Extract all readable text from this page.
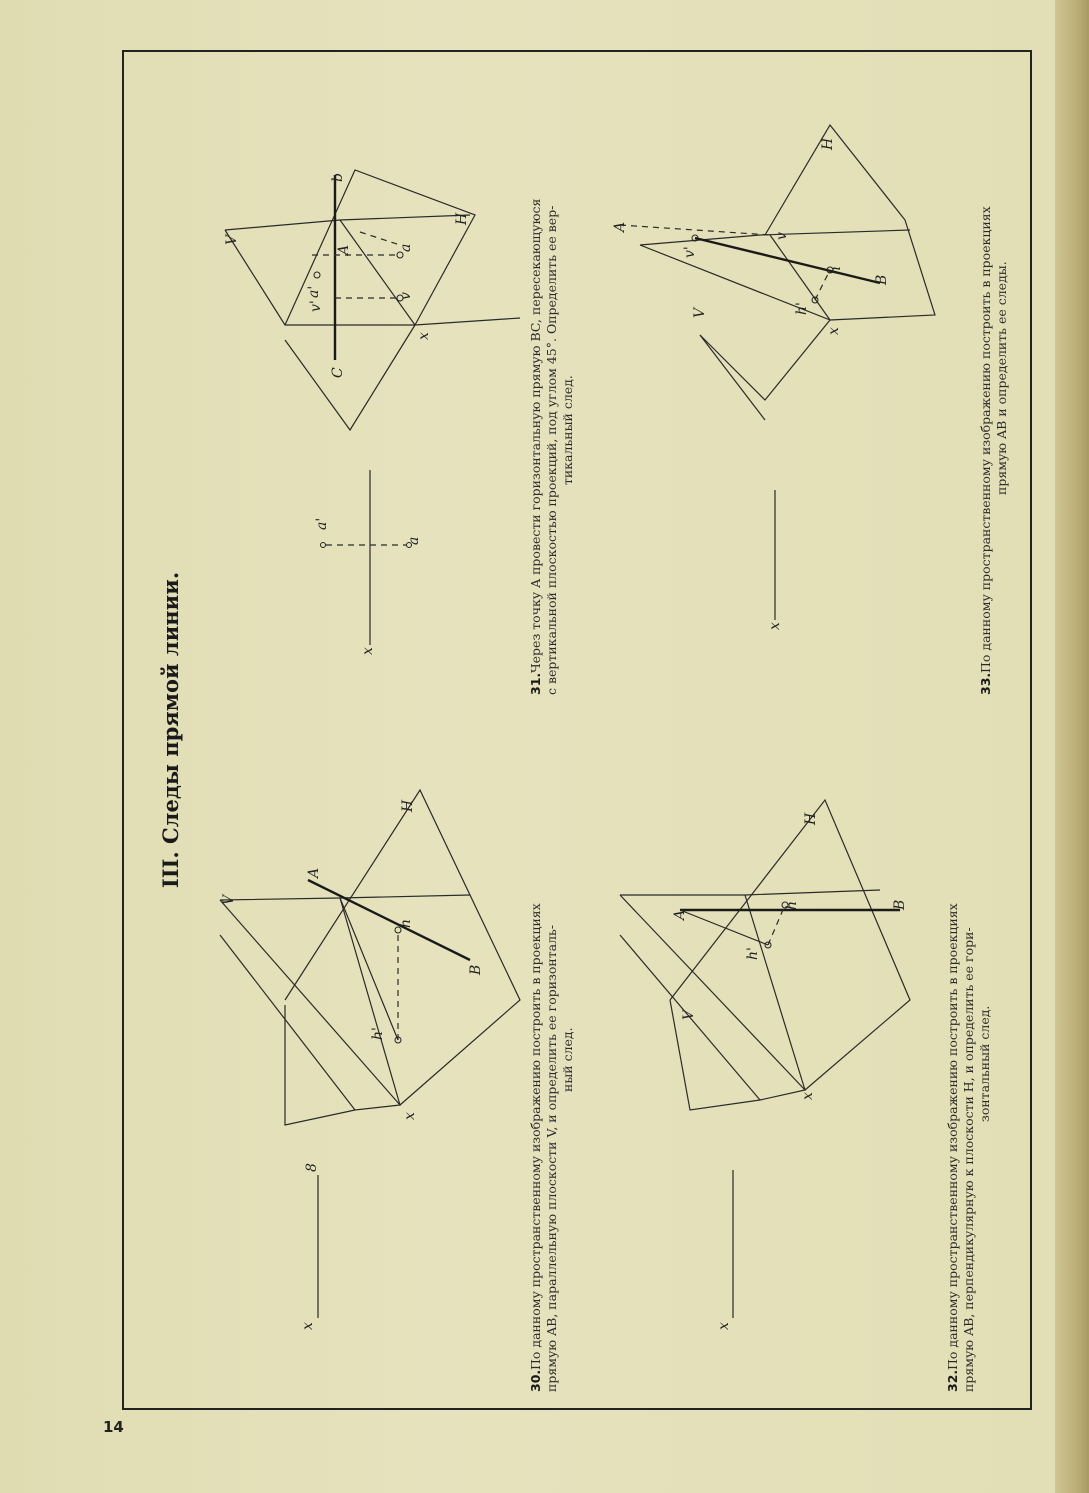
14
III. Следы прямой линии.
x
8
V
H
A
B
h
h'
x
30.
По данному пространственному изображению построить в проекциях прямую AB, параллельную плоскости V, и определить ее горизонталь- ный след.
x
a'
a
V
H
A
a'
a
b
v
v'
C
x
31.
Через точку A провести горизонтальную прямую BC, пересекающуюся с вертикальной плоскостью проекций, под углом 45°. Определить ее вер- тикальный след.
x
V
H
A
B
h
h'
x
32.
По данному пространственному изображению построить в проекциях прямую AB, перпендикулярную к плоскости H, и определить ее гори- зонтальный след.
x
V
H
A
B
v
v'
h
h'
x
33.
По данному пространственному изображению построить в проекциях прямую AB и определить ее следы.
